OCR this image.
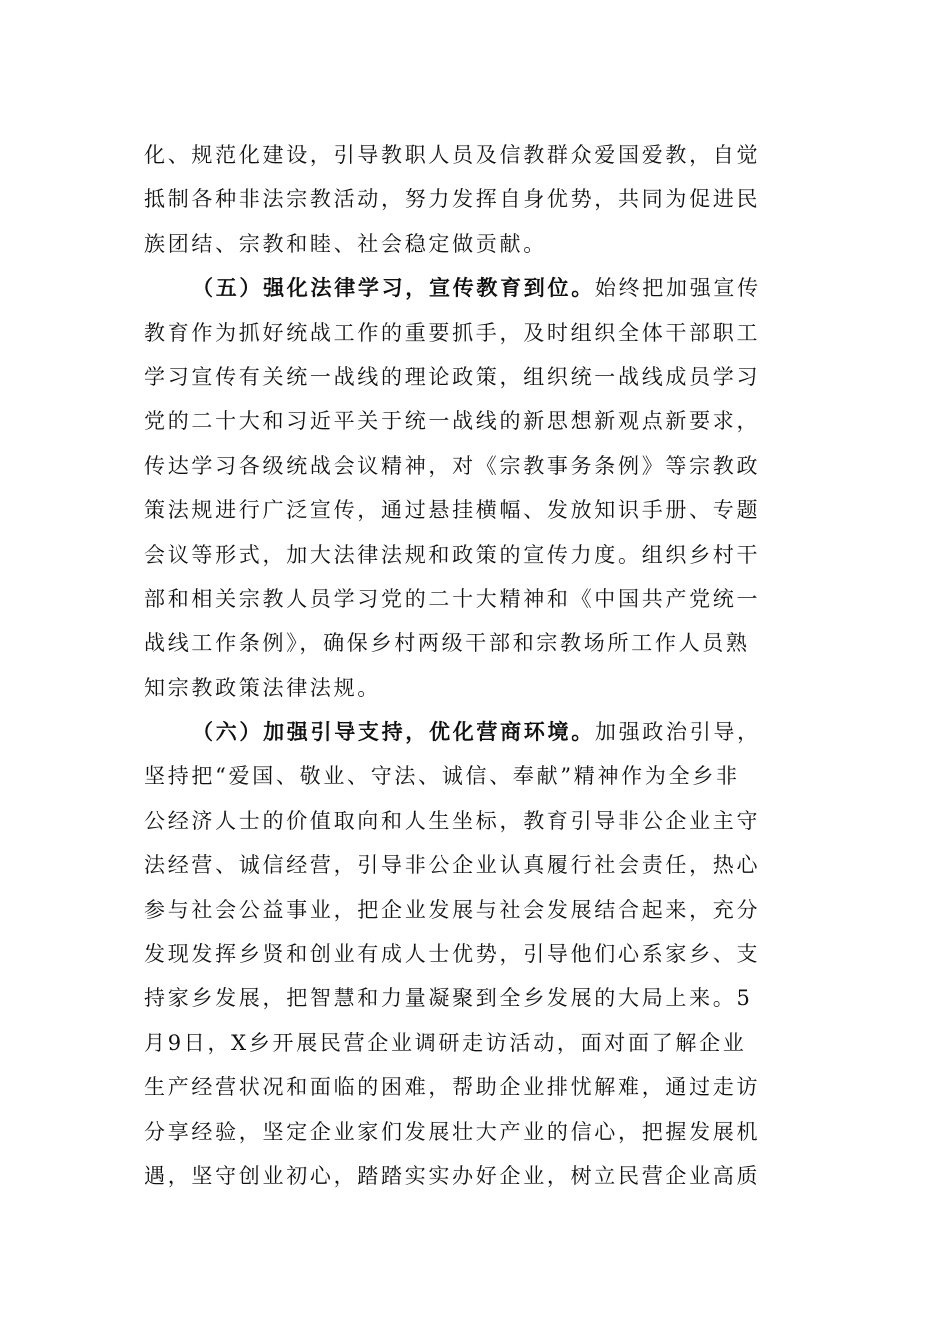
化、规范化建设，引导教职人员及信教群众爱国爱教，自觉
抵制各种非法宗教活动，努力发挥自身优势，共同为促进民
族团结、宗教和睦、社会稳定做贡献。
（五）强化法律学习，宣传教育到位。始终把加强宣传
教育作为抓好统战工作的重要抓手，及时组织全体干部职工
学习宣传有关统一战线的理论政策，组织统一战线成员学习
党的二十大和习近平关于统一战线的新思想新观点新要求，
传达学习各级统战会议精神，对《宗教事务条例》等宗教政
策法规进行广泛宣传，通过悬挂横幅、发放知识手册、专题
会议等形式，加大法律法规和政策的宣传力度。组织乡村干
部和相关宗教人员学习党的二十大精神和《中国共产党统一
战线工作条例》，确保乡村两级干部和宗教场所工作人员熟
知宗教政策法律法规。
（六）加强引导支持，优化营商环境。加强政治引导，
坚持把“爱国、敬业、守法、诚信、奉献”精神作为全乡非
公经济人士的价值取向和人生坐标，教育引导非公企业主守
法经营、诚信经营，引导非公企业认真履行社会责任，热心
参与社会公益事业，把企业发展与社会发展结合起来，充分
发现发挥乡贤和创业有成人士优势，引导他们心系家乡、支
持家乡发展，把智慧和力量凝聚到全乡发展的大局上来。5
月9日，X乡开展民营企业调研走访活动，面对面了解企业
生产经营状况和面临的困难，帮助企业排忧解难，通过走访
分享经验，坚定企业家们发展壮大产业的信心，把握发展机
遇，坚守创业初心，踏踏实实办好企业，树立民营企业高质
